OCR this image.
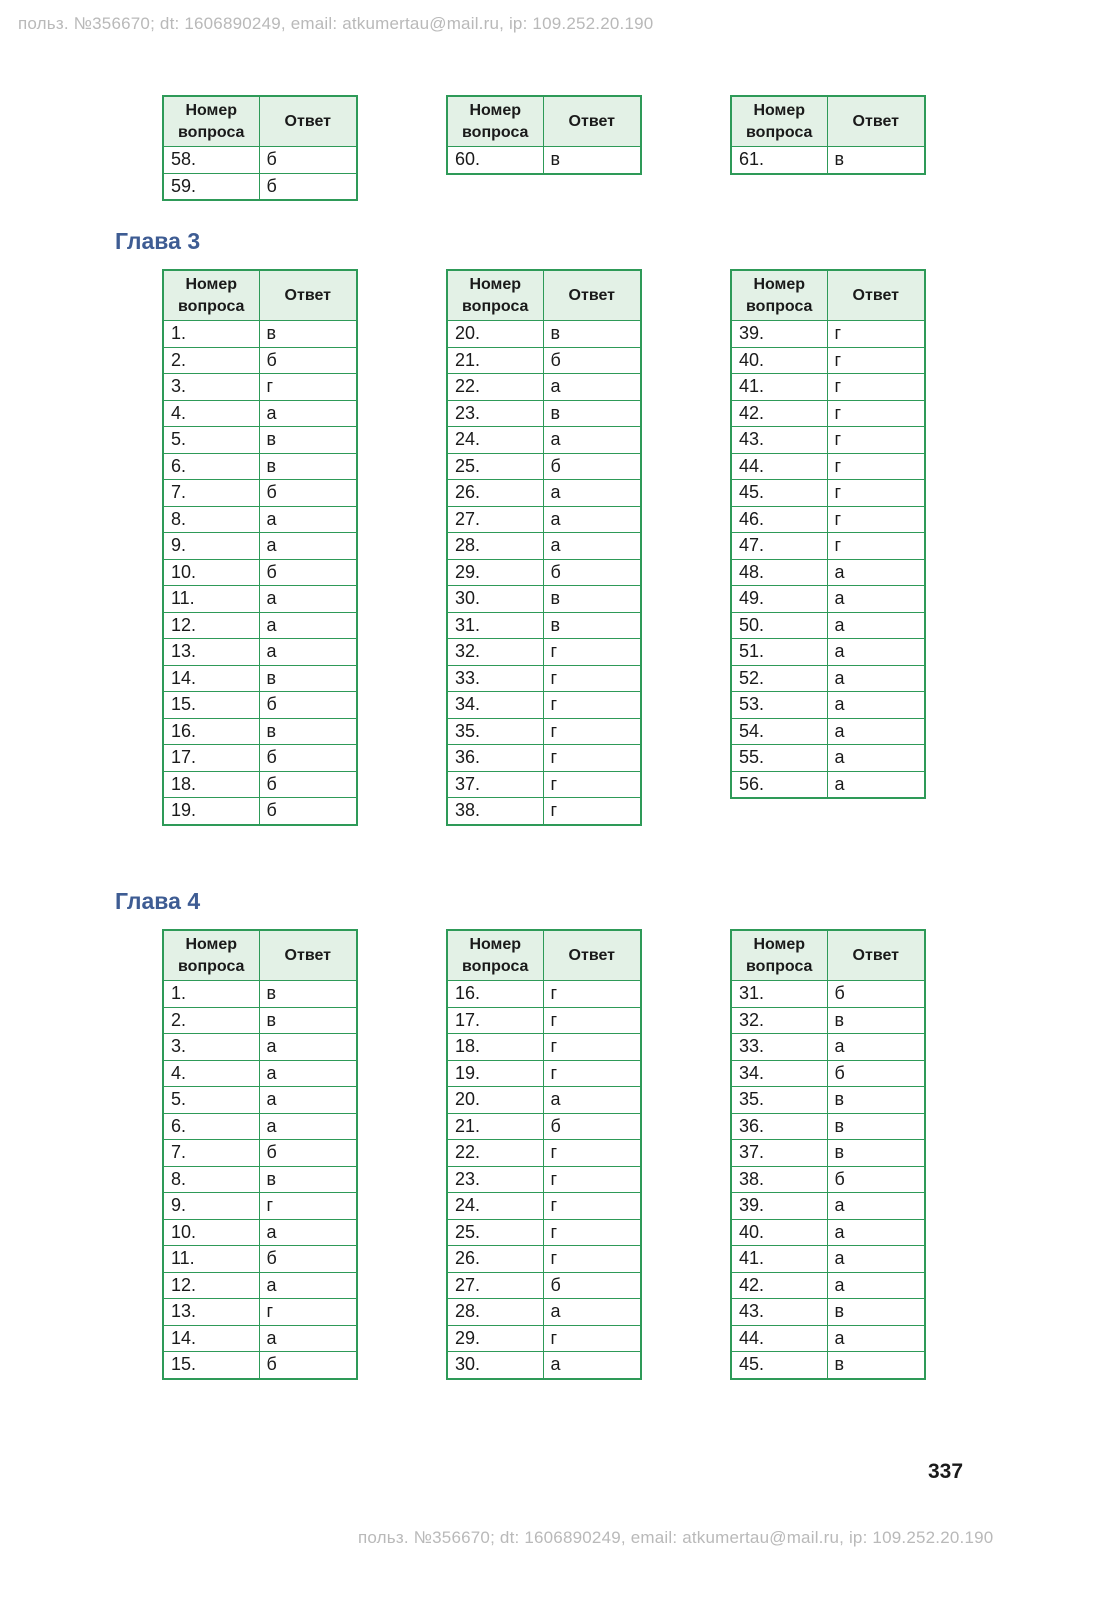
польз. №356670; dt: 1606890249, email: atkumertau@mail.ru, ip: 109.252.20.190
Номер вопроса	Ответ
58.	б
59.	б
Номер вопроса	Ответ
60.	в
Номер вопроса	Ответ
61.	в
Глава 3
Глава 4
Номер вопроса	Ответ
1.	в
2.	б
3.	г
4.	а
5.	в
6.	в
7.	б
8.	а
9.	а
10.	б
11.	а
12.	а
13.	а
14.	в
15.	б
16.	в
17.	б
18.	б
19.	б
Номер вопроса	Ответ
20.	в
21.	б
22.	а
23.	в
24.	а
25.	б
26.	а
27.	а
28.	а
29.	б
30.	в
31.	в
32.	г
33.	г
34.	г
35.	г
36.	г
37.	г
38.	г
Номер вопроса	Ответ
39.	г
40.	г
41.	г
42.	г
43.	г
44.	г
45.	г
46.	г
47.	г
48.	а
49.	а
50.	а
51.	а
52.	а
53.	а
54.	а
55.	а
56.	а
Номер вопроса	Ответ
1.	в
2.	в
3.	а
4.	а
5.	а
6.	а
7.	б
8.	в
9.	г
10.	а
11.	б
12.	а
13.	г
14.	а
15.	б
Номер вопроса	Ответ
16.	г
17.	г
18.	г
19.	г
20.	а
21.	б
22.	г
23.	г
24.	г
25.	г
26.	г
27.	б
28.	а
29.	г
30.	а
Номер вопроса	Ответ
31.	б
32.	в
33.	а
34.	б
35.	в
36.	в
37.	в
38.	б
39.	а
40.	а
41.	а
42.	а
43.	в
44.	а
45.	в
337
польз. №356670; dt: 1606890249, email: atkumertau@mail.ru, ip: 109.252.20.190
